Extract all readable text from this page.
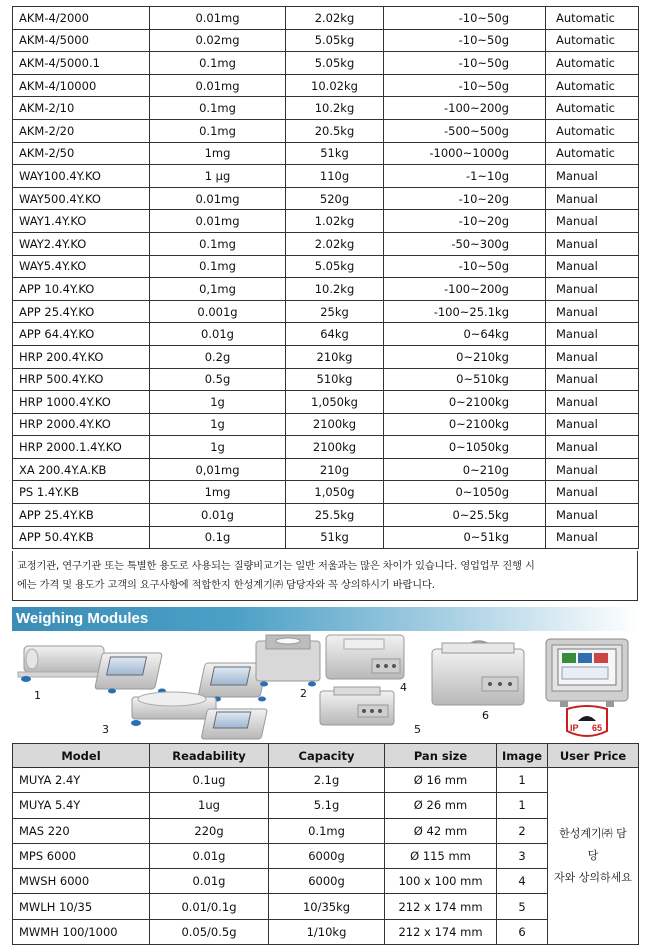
AKM-4/2000	0.01mg	2.02kg	-10~50g	Automatic
AKM-4/5000	0.02mg	5.05kg	-10~50g	Automatic
AKM-4/5000.1	0.1mg	5.05kg	-10~50g	Automatic
AKM-4/10000	0.01mg	10.02kg	-10~50g	Automatic
AKM-2/10	0.1mg	10.2kg	-100~200g	Automatic
AKM-2/20	0.1mg	20.5kg	-500~500g	Automatic
AKM-2/50	1mg	51kg	-1000~1000g	Automatic
WAY100.4Y.KO	1 µg	110g	-1~10g	Manual
WAY500.4Y.KO	0.01mg	520g	-10~20g	Manual
WAY1.4Y.KO	0.01mg	1.02kg	-10~20g	Manual
WAY2.4Y.KO	0.1mg	2.02kg	-50~300g	Manual
WAY5.4Y.KO	0.1mg	5.05kg	-10~50g	Manual
APP 10.4Y.KO	0,1mg	10.2kg	-100~200g	Manual
APP 25.4Y.KO	0.001g	25kg	-100~25.1kg	Manual
APP 64.4Y.KO	0.01g	64kg	0~64kg	Manual
HRP 200.4Y.KO	0.2g	210kg	0~210kg	Manual
HRP 500.4Y.KO	0.5g	510kg	0~510kg	Manual
HRP 1000.4Y.KO	1g	1,050kg	0~2100kg	Manual
HRP 2000.4Y.KO	1g	2100kg	0~2100kg	Manual
HRP 2000.1.4Y.KO	1g	2100kg	0~1050kg	Manual
XA 200.4Y.A.KB	0,01mg	210g	0~210g	Manual
PS 1.4Y.KB	1mg	1,050g	0~1050g	Manual
APP 25.4Y.KB	0.01g	25.5kg	0~25.5kg	Manual
APP 50.4Y.KB	0.1g	51kg	0~51kg	Manual
교정기관, 연구기관 또는 특별한 용도로 사용되는 질량비교기는 일반 저울과는 많은 차이가 있습니다. 영업업무 진행 시
에는 가격 및 용도가 고객의 요구사항에 적합한지 한성계기㈜ 담당자와 꼭 상의하시기 바랍니다.
Weighing Modules
IP 65
1	2
3
4
5
6
Model	Readability	Capacity	Pan size	Image	User Price
MUYA 2.4Y	0.1ug	2.1g	Ø 16 mm	1	한성계기㈜ 담당
자와 상의하세요

MUYA 5.4Y	1ug	5.1g	Ø 26 mm	1	
MAS 220	220g	0.1mg	Ø 42 mm	2	
MPS 6000	0.01g	6000g	Ø 115 mm	3	
MWSH 6000	0.01g	6000g	100 x 100 mm	4	
MWLH 10/35	0.01/0.1g	10/35kg	212 x 174 mm	5	
MWMH 100/1000	0.05/0.5g	1/10kg	212 x 174 mm	6	
